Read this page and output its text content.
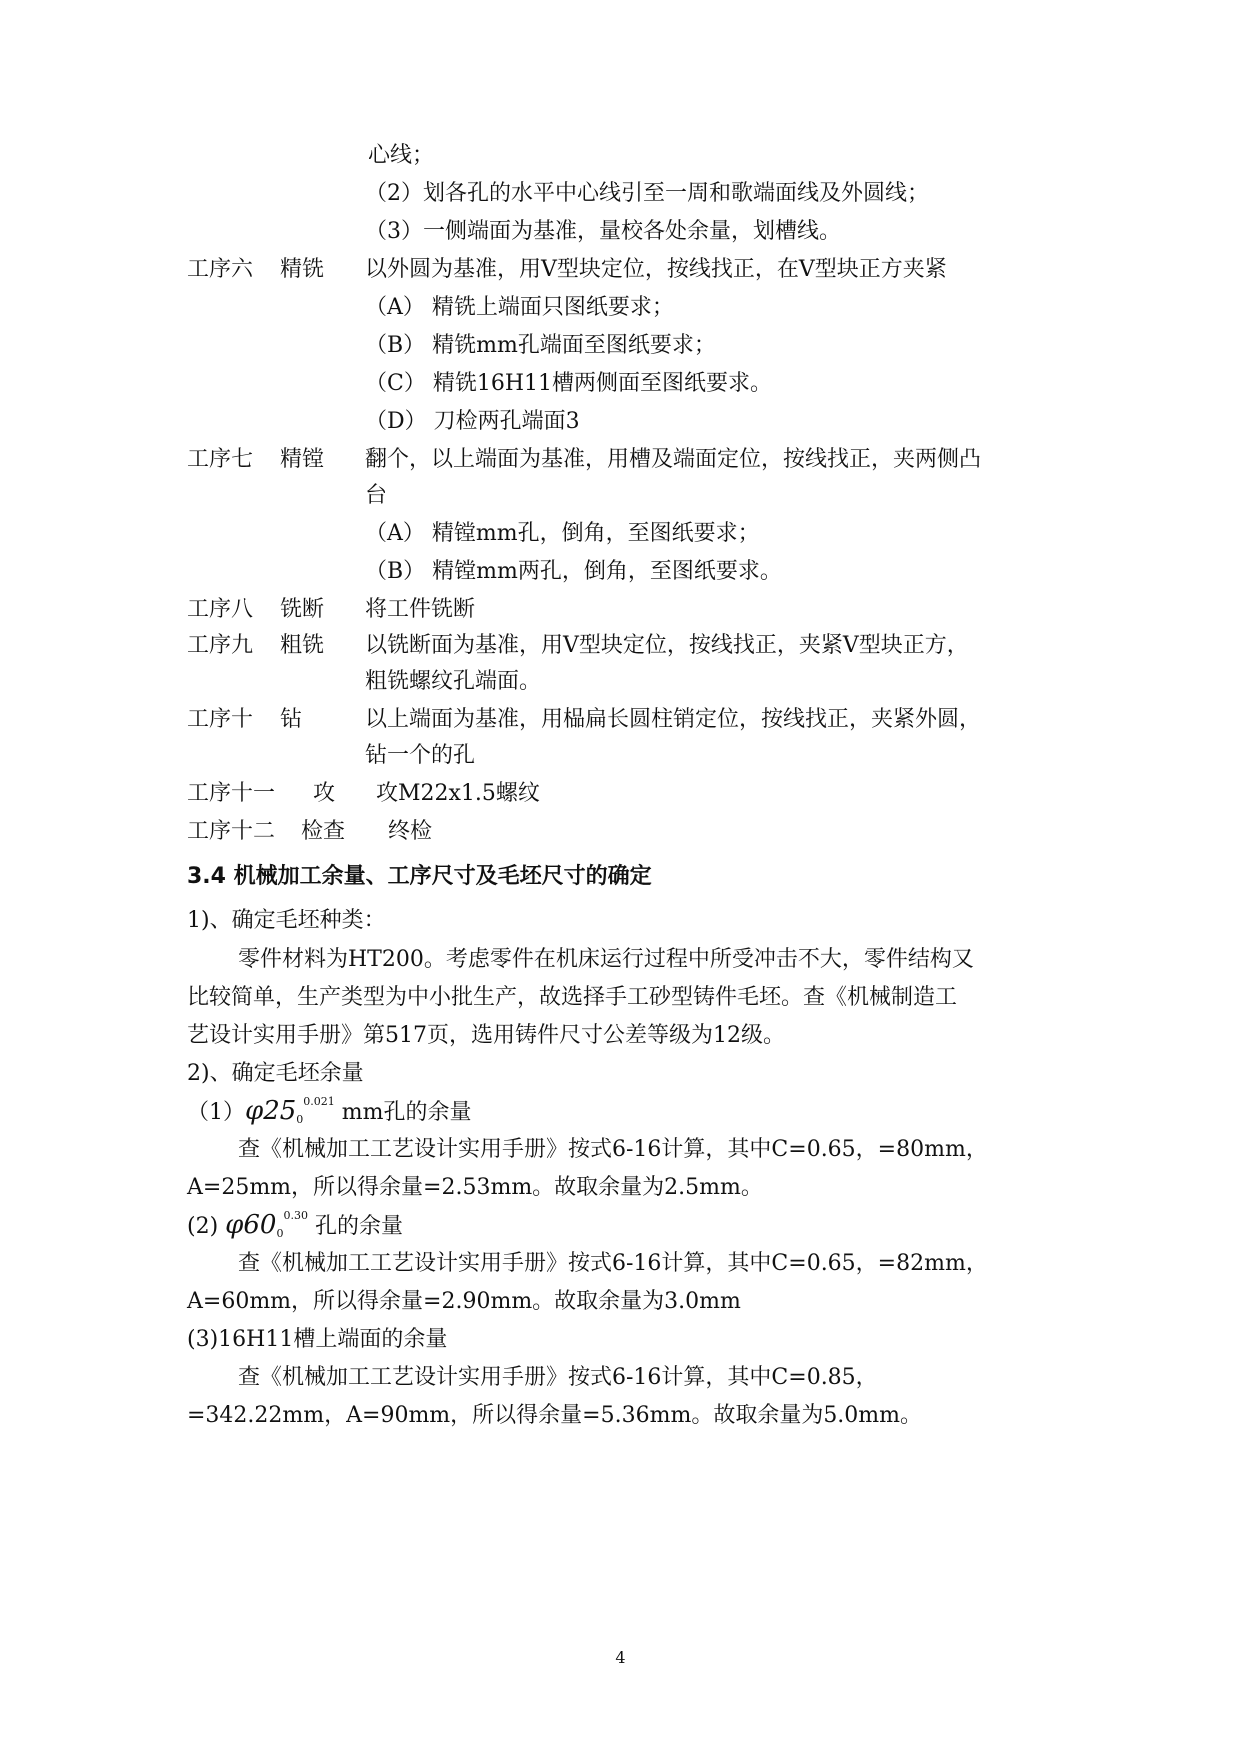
心线；
（2）划各孔的水平中心线引至一周和歌端面线及外圆线；
（3）一侧端面为基准，量校各处余量，划槽线。
工序六 精铣 以外圆为基准，用V型块定位，按线找正，在V型块正方夹紧
（A） 精铣上端面只图纸要求；
（B） 精铣mm孔端面至图纸要求；
（C） 精铣16H11槽两侧面至图纸要求。
（D） 刀检两孔端面3
工序七 精镗 翻个，以上端面为基准，用槽及端面定位，按线找正，夹两侧凸
台
（A） 精镗mm孔，倒角，至图纸要求；
（B） 精镗mm两孔，倒角，至图纸要求。
工序八 铣断 将工件铣断
工序九 粗铣 以铣断面为基准，用V型块定位，按线找正，夹紧V型块正方，
粗铣螺纹孔端面。
工序十 钻	以上端面为基准，用榀扁长圆柱销定位，按线找正，夹紧外圆，
钻一个的孔
工序十一 攻 攻M22x1.5螺纹
工序十二 检查 终检
3.4 机械加工余量、工序尺寸及毛坯尺寸的确定
1)、确定毛坯种类：
零件材料为HT200。考虑零件在机床运行过程中所受冲击不大，零件结构又
比较简单，生产类型为中小批生产，故选择手工砂型铸件毛坯。查《机械制造工
艺设计实用手册》第517页，选用铸件尺寸公差等级为12级。
2)、确定毛坯余量
$(1)\varphi 250^{0.021}$ mm孔的余量
查《机械加工工艺设计实用手册》按式6-16计算，其中C=0.65，=80mm，
A=25mm，所以得余量=2.53mm。故取余量为2.5mm。
(2) $\varphi 600^{0.30}$ 孔的余量
查《机械加工工艺设计实用手册》按式6-16计算，其中C=0.65，=82mm，
A=60mm，所以得余量=2.90mm。故取余量为3.0mm
(3)16H11槽上端面的余量
查《机械加工工艺设计实用手册》按式6-16计算，其中C=0.85，
=342.22mm，A=90mm，所以得余量=5.36mm。故取余量为5.0mm。
4
